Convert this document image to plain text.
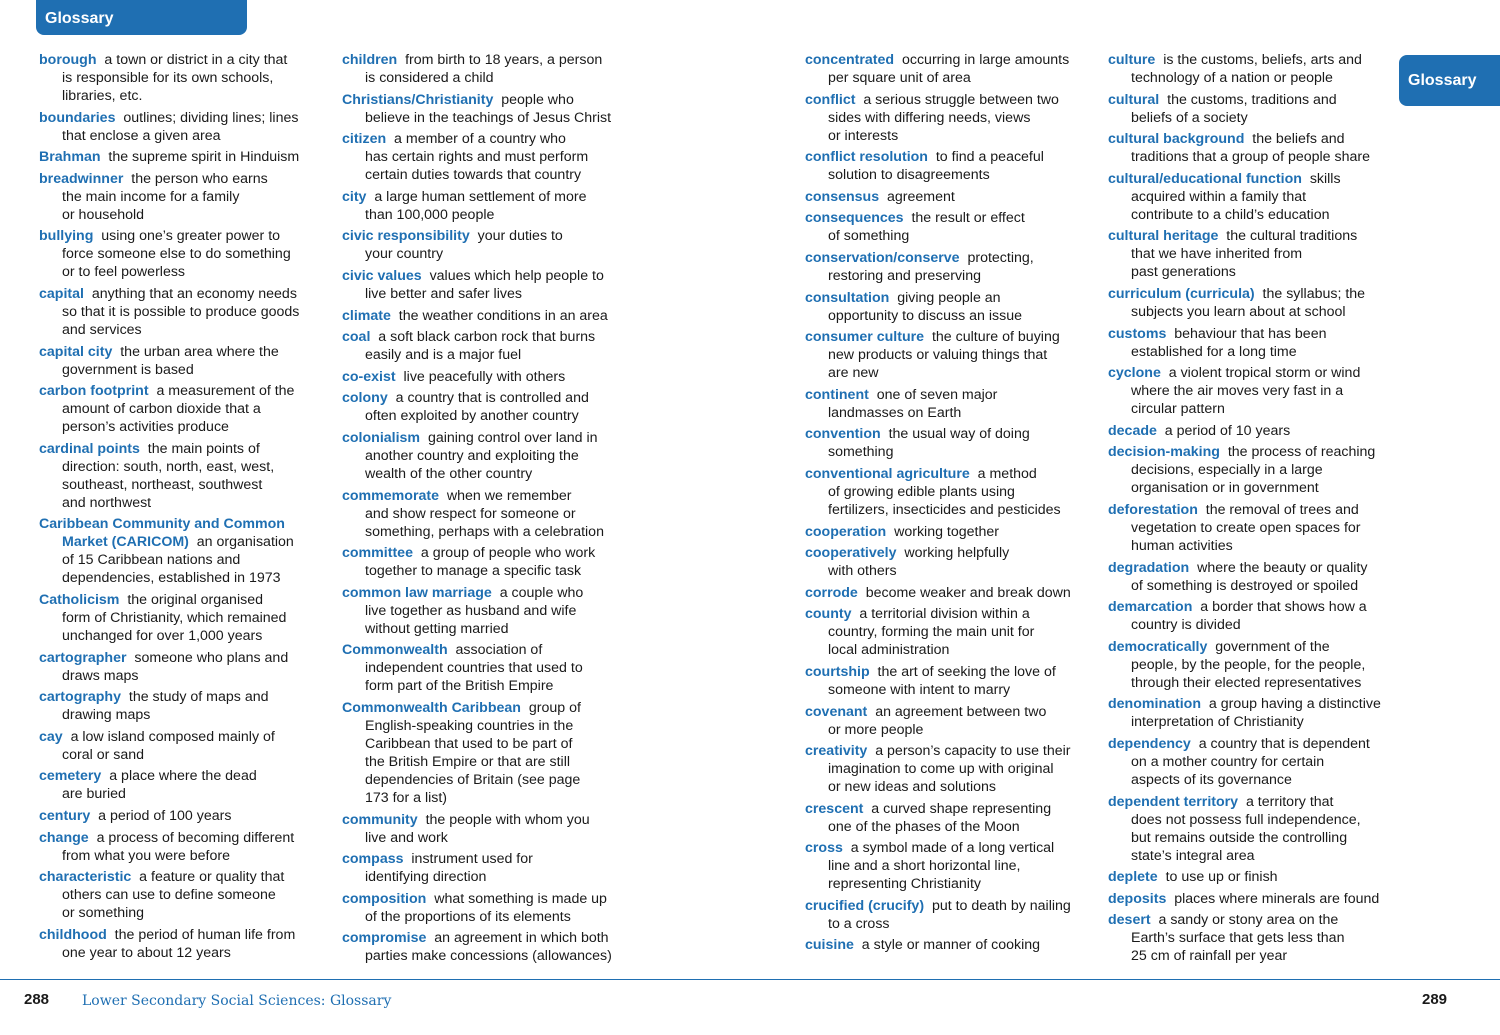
Glossary
Glossary
borough a town or district in a city that
is responsible for its own schools,
libraries, etc.
boundaries outlines; dividing lines; lines
that enclose a given area
Brahman the supreme spirit in Hinduism
breadwinner the person who earns
the main income for a family
or household
bullying using one’s greater power to
force someone else to do something
or to feel powerless
capital anything that an economy needs
so that it is possible to produce goods
and services
capital city the urban area where the
government is based
carbon footprint a measurement of the
amount of carbon dioxide that a
person’s activities produce
cardinal points the main points of
direction: south, north, east, west,
southeast, northeast, southwest
and northwest
Caribbean Community and Common
Market (CARICOM) an organisation
of 15 Caribbean nations and
dependencies, established in 1973
Catholicism the original organised
form of Christianity, which remained
unchanged for over 1,000 years
cartographer someone who plans and
draws maps
cartography the study of maps and
drawing maps
cay a low island composed mainly of
coral or sand
cemetery a place where the dead
are buried
century a period of 100 years
change a process of becoming different
from what you were before
characteristic a feature or quality that
others can use to define someone
or something
childhood the period of human life from
one year to about 12 years
children from birth to 18 years, a person
is considered a child
Christians/Christianity people who
believe in the teachings of Jesus Christ
citizen a member of a country who
has certain rights and must perform
certain duties towards that country
city a large human settlement of more
than 100,000 people
civic responsibility your duties to
your country
civic values values which help people to
live better and safer lives
climate the weather conditions in an area
coal a soft black carbon rock that burns
easily and is a major fuel
co-exist live peacefully with others
colony a country that is controlled and
often exploited by another country
colonialism gaining control over land in
another country and exploiting the
wealth of the other country
commemorate when we remember
and show respect for someone or
something, perhaps with a celebration
committee a group of people who work
together to manage a specific task
common law marriage a couple who
live together as husband and wife
without getting married
Commonwealth association of
independent countries that used to
form part of the British Empire
Commonwealth Caribbean group of
English-speaking countries in the
Caribbean that used to be part of
the British Empire or that are still
dependencies of Britain (see page
173 for a list)
community the people with whom you
live and work
compass instrument used for
identifying direction
composition what something is made up
of the proportions of its elements
compromise an agreement in which both
parties make concessions (allowances)
concentrated occurring in large amounts
per square unit of area
conflict a serious struggle between two
sides with differing needs, views
or interests
conflict resolution to find a peaceful
solution to disagreements
consensus agreement
consequences the result or effect
of something
conservation/conserve protecting,
restoring and preserving
consultation giving people an
opportunity to discuss an issue
consumer culture the culture of buying
new products or valuing things that
are new
continent one of seven major
landmasses on Earth
convention the usual way of doing
something
conventional agriculture a method
of growing edible plants using
fertilizers, insecticides and pesticides
cooperation working together
cooperatively working helpfully
with others
corrode become weaker and break down
county a territorial division within a
country, forming the main unit for
local administration
courtship the art of seeking the love of
someone with intent to marry
covenant an agreement between two
or more people
creativity a person’s capacity to use their
imagination to come up with original
or new ideas and solutions
crescent a curved shape representing
one of the phases of the Moon
cross a symbol made of a long vertical
line and a short horizontal line,
representing Christianity
crucified (crucify) put to death by nailing
to a cross
cuisine a style or manner of cooking
culture is the customs, beliefs, arts and
technology of a nation or people
cultural the customs, traditions and
beliefs of a society
cultural background the beliefs and
traditions that a group of people share
cultural/educational function skills
acquired within a family that
contribute to a child’s education
cultural heritage the cultural traditions
that we have inherited from
past generations
curriculum (curricula) the syllabus; the
subjects you learn about at school
customs behaviour that has been
established for a long time
cyclone a violent tropical storm or wind
where the air moves very fast in a
circular pattern
decade a period of 10 years
decision-making the process of reaching
decisions, especially in a large
organisation or in government
deforestation the removal of trees and
vegetation to create open spaces for
human activities
degradation where the beauty or quality
of something is destroyed or spoiled
demarcation a border that shows how a
country is divided
democratically government of the
people, by the people, for the people,
through their elected representatives
denomination a group having a distinctive
interpretation of Christianity
dependency a country that is dependent
on a mother country for certain
aspects of its governance
dependent territory a territory that
does not possess full independence,
but remains outside the controlling
state’s integral area
deplete to use up or finish
deposits places where minerals are found
desert a sandy or stony area on the
Earth’s surface that gets less than
25 cm of rainfall per year
288 Lower Secondary Social Sciences: Glossary	289
